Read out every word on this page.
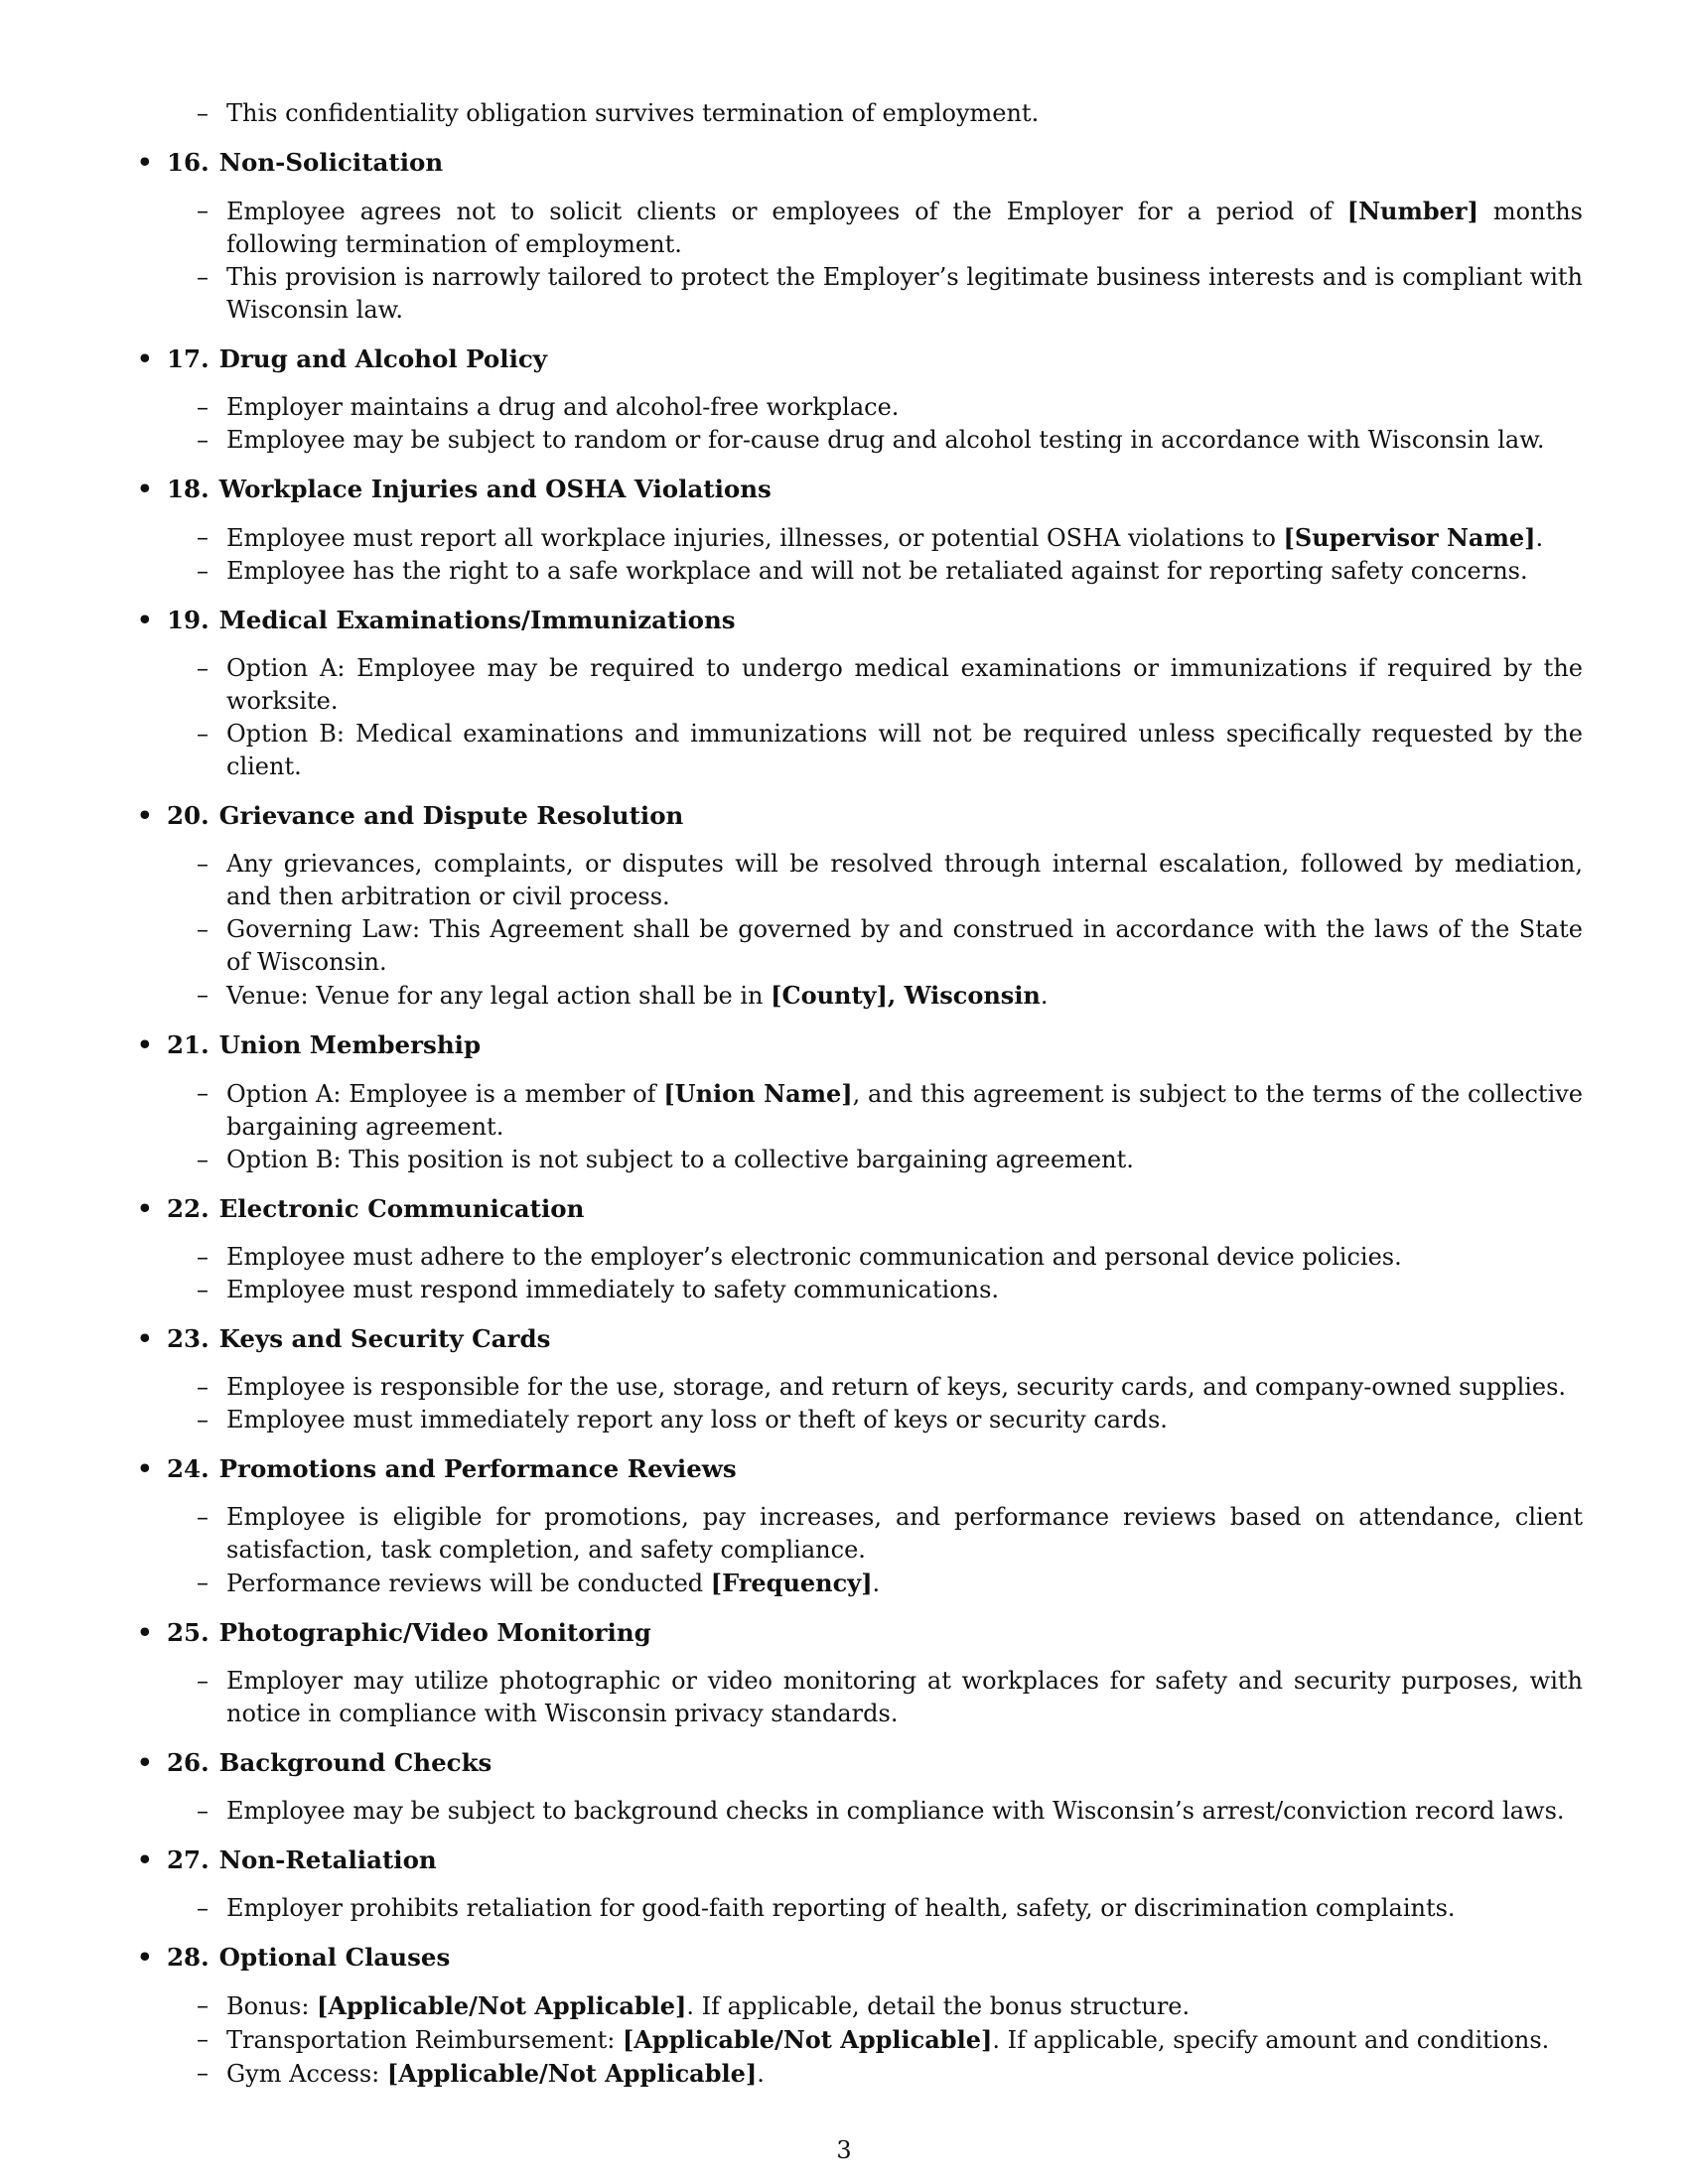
– This confidentiality obligation survives termination of employment.
• 16. Non-Solicitation
– Employee agrees not to solicit clients or employees of the Employer for a period of [Number] months following termination of employment.
– This provision is narrowly tailored to protect the Employer’s legitimate business interests and is compliant with Wisconsin law.
• 17. Drug and Alcohol Policy
– Employer maintains a drug and alcohol-free workplace.
– Employee may be subject to random or for-cause drug and alcohol testing in accordance with Wisconsin law.
• 18. Workplace Injuries and OSHA Violations
– Employee must report all workplace injuries, illnesses, or potential OSHA violations to [Supervisor Name].
– Employee has the right to a safe workplace and will not be retaliated against for reporting safety concerns.
• 19. Medical Examinations/Immunizations
– Option A: Employee may be required to undergo medical examinations or immunizations if required by the worksite.
– Option B: Medical examinations and immunizations will not be required unless specifically requested by the client.
• 20. Grievance and Dispute Resolution
– Any grievances, complaints, or disputes will be resolved through internal escalation, followed by mediation, and then arbitration or civil process.
– Governing Law: This Agreement shall be governed by and construed in accordance with the laws of the State of Wisconsin.
– Venue: Venue for any legal action shall be in [County], Wisconsin.
• 21. Union Membership
– Option A: Employee is a member of [Union Name], and this agreement is subject to the terms of the collective bargaining agreement.
– Option B: This position is not subject to a collective bargaining agreement.
• 22. Electronic Communication
– Employee must adhere to the employer’s electronic communication and personal device policies.
– Employee must respond immediately to safety communications.
• 23. Keys and Security Cards
– Employee is responsible for the use, storage, and return of keys, security cards, and company-owned supplies.
– Employee must immediately report any loss or theft of keys or security cards.
• 24. Promotions and Performance Reviews
– Employee is eligible for promotions, pay increases, and performance reviews based on attendance, client satisfaction, task completion, and safety compliance.
– Performance reviews will be conducted [Frequency].
• 25. Photographic/Video Monitoring
– Employer may utilize photographic or video monitoring at workplaces for safety and security purposes, with notice in compliance with Wisconsin privacy standards.
• 26. Background Checks
– Employee may be subject to background checks in compliance with Wisconsin’s arrest/conviction record laws.
• 27. Non-Retaliation
– Employer prohibits retaliation for good-faith reporting of health, safety, or discrimination complaints.
• 28. Optional Clauses
– Bonus: [Applicable/Not Applicable]. If applicable, detail the bonus structure.
– Transportation Reimbursement: [Applicable/Not Applicable]. If applicable, specify amount and conditions.
– Gym Access: [Applicable/Not Applicable].
3
